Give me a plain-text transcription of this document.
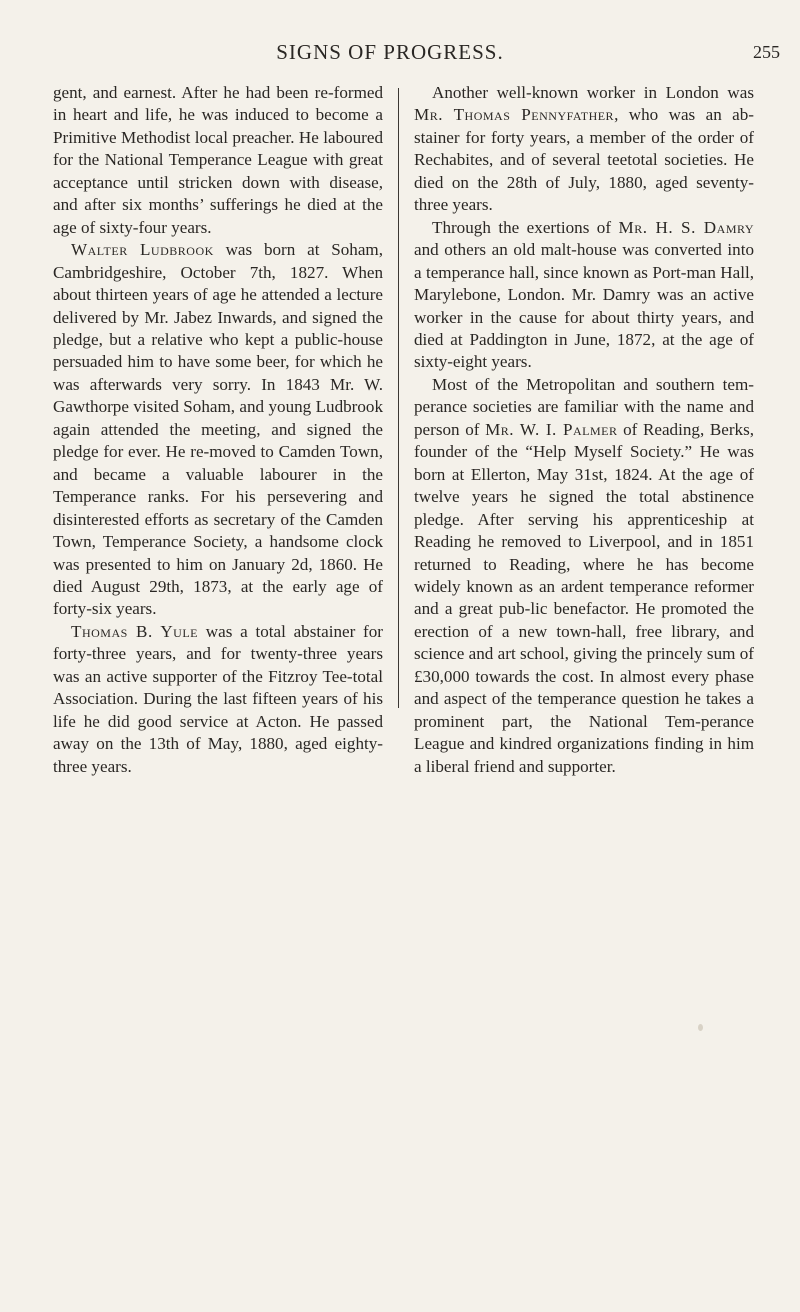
SIGNS OF PROGRESS.	255

gent, and earnest. After he had been re-formed in heart and life, he was induced to become a Primitive Methodist local preacher. He laboured for the National Temperance League with great acceptance until stricken down with disease, and after six months’ sufferings he died at the age of sixty-four years.

Walter Ludbrook was born at Soham, Cambridgeshire, October 7th, 1827. When about thirteen years of age he attended a lecture delivered by Mr. Jabez Inwards, and signed the pledge, but a relative who kept a public-house persuaded him to have some beer, for which he was afterwards very sorry. In 1843 Mr. W. Gawthorpe visited Soham, and young Ludbrook again attended the meeting, and signed the pledge for ever. He re-moved to Camden Town, and became a valuable labourer in the Temperance ranks. For his persevering and disinterested efforts as secretary of the Camden Town, Temperance Society, a handsome clock was presented to him on January 2d, 1860. He died August 29th, 1873, at the early age of forty-six years.

Thomas B. Yule was a total abstainer for forty-three years, and for twenty-three years was an active supporter of the Fitzroy Tee-total Association. During the last fifteen years of his life he did good service at Acton. He passed away on the 13th of May, 1880, aged eighty-three years.

Another well-known worker in London was Mr. Thomas Pennyfather, who was an ab-stainer for forty years, a member of the order of Rechabites, and of several teetotal societies. He died on the 28th of July, 1880, aged seventy-three years.

Through the exertions of Mr. H. S. Damry and others an old malt-house was converted into a temperance hall, since known as Port-man Hall, Marylebone, London. Mr. Damry was an active worker in the cause for about thirty years, and died at Paddington in June, 1872, at the age of sixty-eight years.

Most of the Metropolitan and southern tem-perance societies are familiar with the name and person of Mr. W. I. Palmer of Reading, Berks, founder of the “Help Myself Society.” He was born at Ellerton, May 31st, 1824. At the age of twelve years he signed the total abstinence pledge. After serving his apprenticeship at Reading he removed to Liverpool, and in 1851 returned to Reading, where he has become widely known as an ardent temperance reformer and a great pub-lic benefactor. He promoted the erection of a new town-hall, free library, and science and art school, giving the princely sum of £30,000 towards the cost. In almost every phase and aspect of the temperance question he takes a prominent part, the National Tem-perance League and kindred organizations finding in him a liberal friend and supporter.
